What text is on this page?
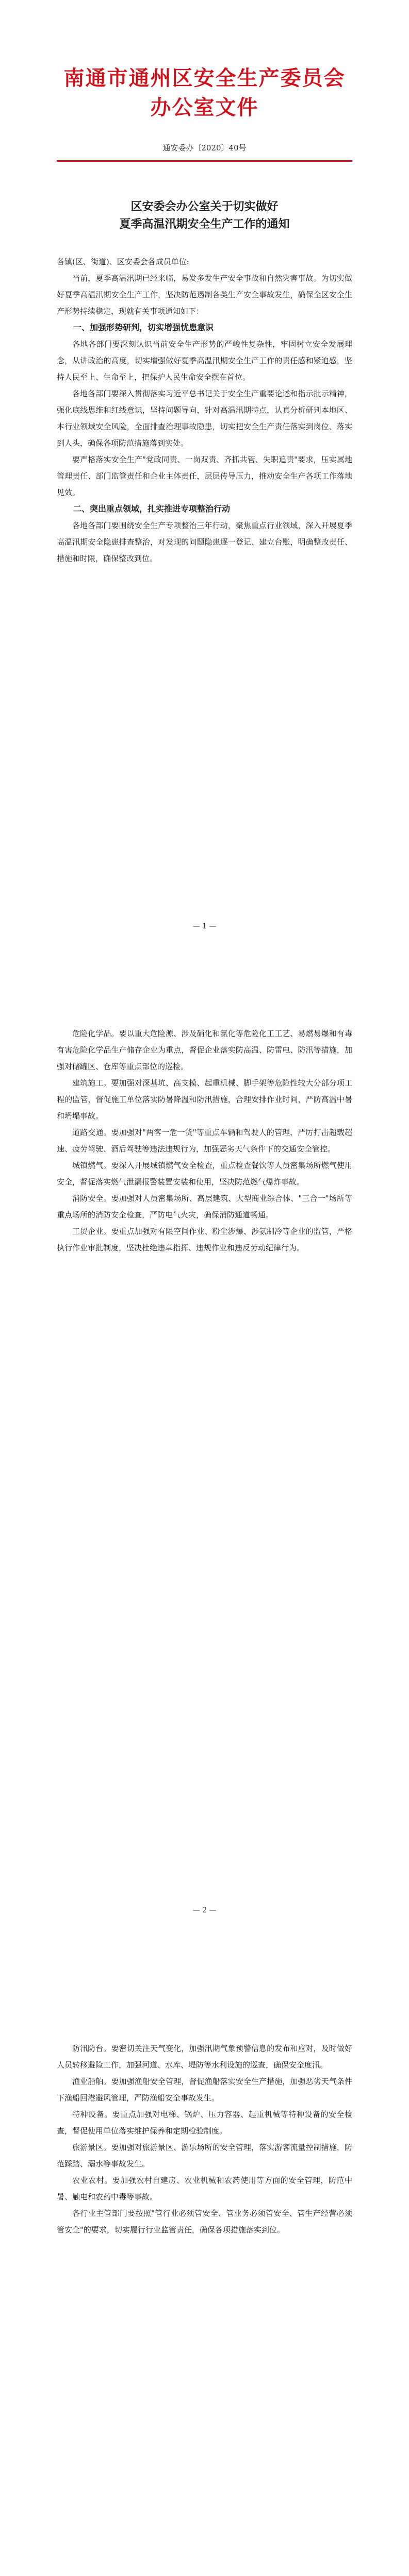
南通市通州区安全生产委员会办公室文件
通安委办〔2020〕40号
区安委会办公室关于切实做好
夏季高温汛期安全生产工作的通知
各镇(区、街道)、区安委会各成员单位:

当前，夏季高温汛期已经来临，易发多发生产安全事故和自然灾害事故。为切实做好夏季高温汛期安全生产工作，坚决防范遏制各类生产安全事故发生，确保全区安全生产形势持续稳定，现就有关事项通知如下：

一、加强形势研判，切实增强忧患意识

各地各部门要深刻认识当前安全生产形势的严峻性复杂性，牢固树立安全发展理念，从讲政治的高度，切实增强做好夏季高温汛期安全生产工作的责任感和紧迫感，坚持人民至上、生命至上，把保护人民生命安全摆在首位。

各地各部门要深入贯彻落实习近平总书记关于安全生产重要论述和指示批示精神，强化底线思维和红线意识，坚持问题导向，针对高温汛期特点，认真分析研判本地区、本行业领域安全风险，全面排查治理事故隐患，切实把安全生产责任落实到岗位、落实到人头，确保各项防范措施落到实处。

要严格落实安全生产"党政同责、一岗双责、齐抓共管、失职追责"要求，压实属地管理责任、部门监管责任和企业主体责任，层层传导压力，推动安全生产各项工作落地见效。

二、突出重点领域，扎实推进专项整治行动

各地各部门要围绕安全生产专项整治三年行动，聚焦重点行业领域，深入开展夏季高温汛期安全隐患排查整治，对发现的问题隐患逐一登记、建立台账，明确整改责任、措施和时限，确保整改到位。

— 1 —

危险化学品。要以重大危险源、涉及硝化和氯化等危险化工工艺、易燃易爆和有毒有害危险化学品生产储存企业为重点，督促企业落实防高温、防雷电、防汛等措施，加强对储罐区、仓库等重点部位的巡检。

建筑施工。要加强对深基坑、高支模、起重机械、脚手架等危险性较大分部分项工程的监管，督促施工单位落实防暑降温和防汛措施，合理安排作业时间，严防高温中暑和坍塌事故。

道路交通。要加强对"两客一危一货"等重点车辆和驾驶人的管理，严厉打击超载超速、疲劳驾驶、酒后驾驶等违法违规行为，加强恶劣天气条件下的交通安全管控。

城镇燃气。要深入开展城镇燃气安全检查，重点检查餐饮等人员密集场所燃气使用安全，督促落实燃气泄漏报警装置安装和使用，坚决防范燃气爆炸事故。

消防安全。要加强对人员密集场所、高层建筑、大型商业综合体、"三合一"场所等重点场所的消防安全检查，严防电气火灾，确保消防通道畅通。

工贸企业。要重点加强对有限空间作业、粉尘涉爆、涉氨制冷等企业的监管，严格执行作业审批制度，坚决杜绝违章指挥、违规作业和违反劳动纪律行为。

— 2 —

防汛防台。要密切关注天气变化，加强汛期气象预警信息的发布和应对，及时做好人员转移避险工作，加强河道、水库、堤防等水利设施的巡查，确保安全度汛。

渔业船舶。要加强渔船安全管理，督促渔船落实安全生产措施，加强恶劣天气条件下渔船回港避风管理，严防渔船安全事故发生。

特种设备。要重点加强对电梯、锅炉、压力容器、起重机械等特种设备的安全检查，督促使用单位落实维护保养和定期检验制度。

旅游景区。要加强对旅游景区、游乐场所的安全管理，落实游客流量控制措施，防范踩踏、溺水等事故发生。

农业农村。要加强农村自建房、农业机械和农药使用等方面的安全管理，防范中暑、触电和农药中毒等事故。

各行业主管部门要按照"管行业必须管安全、管业务必须管安全、管生产经营必须管安全"的要求，切实履行行业监管责任，确保各项措施落实到位。
